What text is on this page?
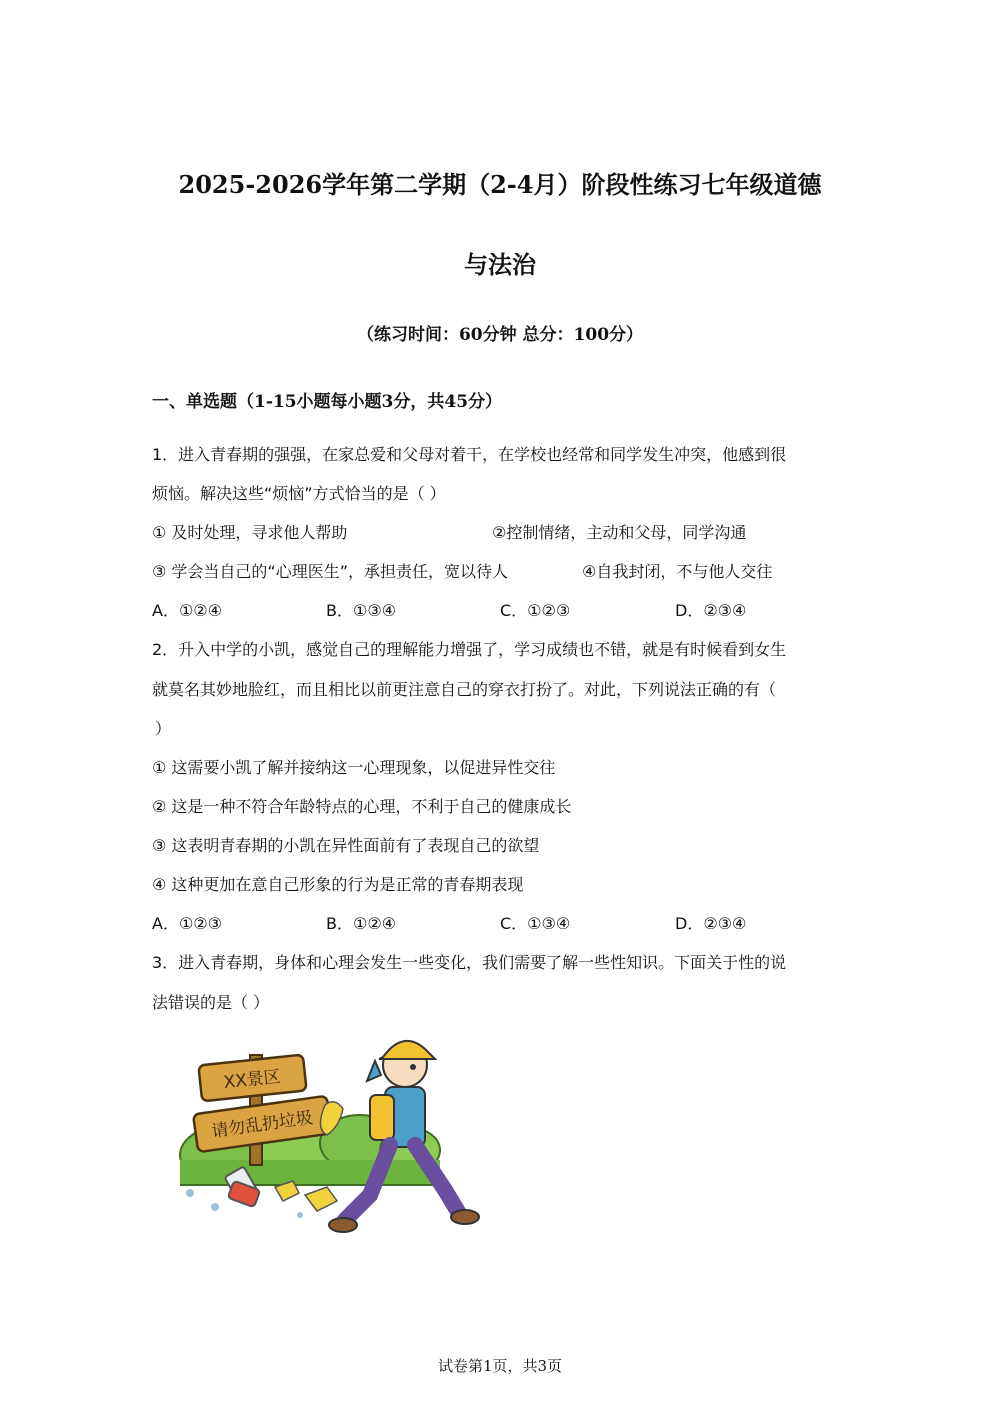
2025-2026学年第二学期（2-4月）阶段性练习七年级道德
与法治
（练习时间：60分钟 总分：100分）
一、单选题（1-15小题每小题3分，共45分）
1．进入青春期的强强，在家总爱和父母对着干，在学校也经常和同学发生冲突，他感到很
烦恼。解决这些“烦恼”方式恰当的是（ ）
① 及时处理，寻求他人帮助	②控制情绪，主动和父母，同学沟通
③ 学会当自己的“心理医生”，承担责任，宽以待人	④自我封闭，不与他人交往
A．①②④	B．①③④	C．①②③	D．②③④
2．升入中学的小凯，感觉自己的理解能力增强了，学习成绩也不错，就是有时候看到女生
就莫名其妙地脸红，而且相比以前更注意自己的穿衣打扮了。对此，下列说法正确的有（
）
① 这需要小凯了解并接纳这一心理现象，以促进异性交往
② 这是一种不符合年龄特点的心理，不利于自己的健康成长
③ 这表明青春期的小凯在异性面前有了表现自己的欲望
④ 这种更加在意自己形象的行为是正常的青春期表现
A．①②③	B．①②④	C．①③④	D．②③④
3．进入青春期，身体和心理会发生一些变化，我们需要了解一些性知识。下面关于性的说
法错误的是（ ）
XX景区
请勿乱扔垃圾
试卷第1页，共3页
